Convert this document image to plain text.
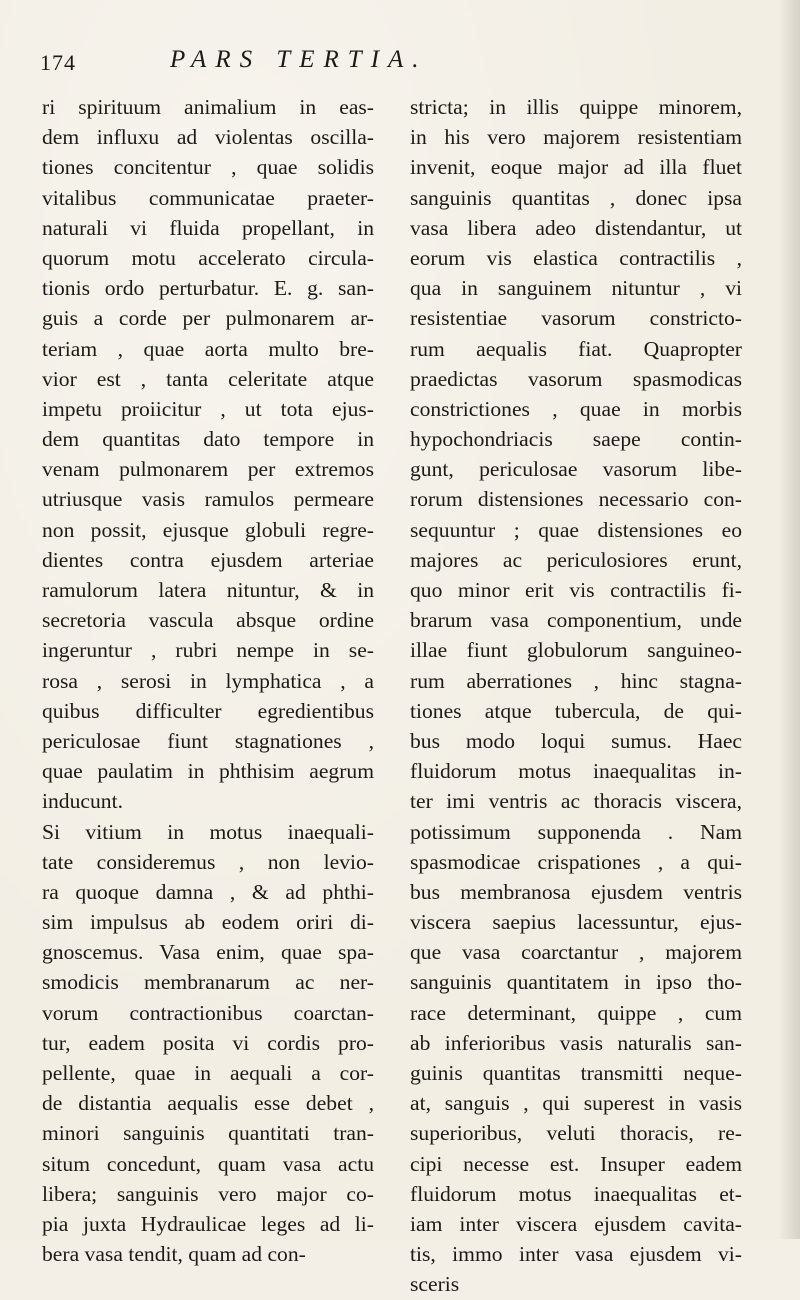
174	PARS TERTIA.
ri spirituum animalium in eas-
dem influxu ad violentas oscilla-
tiones concitentur , quae solidis
vitalibus communicatae praeter-
naturali vi fluida propellant, in
quorum motu accelerato circula-
tionis ordo perturbatur. E. g. san-
guis a corde per pulmonarem ar-
teriam , quae aorta multo bre-
vior est , tanta celeritate atque
impetu proiicitur , ut tota ejus-
dem quantitas dato tempore in
venam pulmonarem per extremos
utriusque vasis ramulos permeare
non possit, ejusque globuli regre-
dientes contra ejusdem arteriae
ramulorum latera nituntur, & in
secretoria vascula absque ordine
ingeruntur , rubri nempe in se-
rosa , serosi in lymphatica , a
quibus difficulter egredientibus
periculosae fiunt stagnationes ,
quae paulatim in phthisim aegrum
inducunt.
Si vitium in motus inaequali-
tate consideremus , non levio-
ra quoque damna , & ad phthi-
sim impulsus ab eodem oriri di-
gnoscemus. Vasa enim, quae spa-
smodicis membranarum ac ner-
vorum contractionibus coarctan-
tur, eadem posita vi cordis pro-
pellente, quae in aequali a cor-
de distantia aequalis esse debet ,
minori sanguinis quantitati tran-
situm concedunt, quam vasa actu
libera; sanguinis vero major co-
pia juxta Hydraulicae leges ad li-
bera vasa tendit, quam ad con-
stricta; in illis quippe minorem,
in his vero majorem resistentiam
invenit, eoque major ad illa fluet
sanguinis quantitas , donec ipsa
vasa libera adeo distendantur, ut
eorum vis elastica contractilis ,
qua in sanguinem nituntur , vi
resistentiae vasorum constricto-
rum aequalis fiat. Quapropter
praedictas vasorum spasmodicas
constrictiones , quae in morbis
hypochondriacis saepe contin-
gunt, periculosae vasorum libe-
rorum distensiones necessario con-
sequuntur ; quae distensiones eo
majores ac periculosiores erunt,
quo minor erit vis contractilis fi-
brarum vasa componentium, unde
illae fiunt globulorum sanguineo-
rum aberrationes , hinc stagna-
tiones atque tubercula, de qui-
bus modo loqui sumus. Haec
fluidorum motus inaequalitas in-
ter imi ventris ac thoracis viscera,
potissimum supponenda . Nam
spasmodicae crispationes , a qui-
bus membranosa ejusdem ventris
viscera saepius lacessuntur, ejus-
que vasa coarctantur , majorem
sanguinis quantitatem in ipso tho-
race determinant, quippe , cum
ab inferioribus vasis naturalis san-
guinis quantitas transmitti neque-
at, sanguis , qui superest in vasis
superioribus, veluti thoracis, re-
cipi necesse est. Insuper eadem
fluidorum motus inaequalitas et-
iam inter viscera ejusdem cavita-
tis, immo inter vasa ejusdem vi-
sceris
